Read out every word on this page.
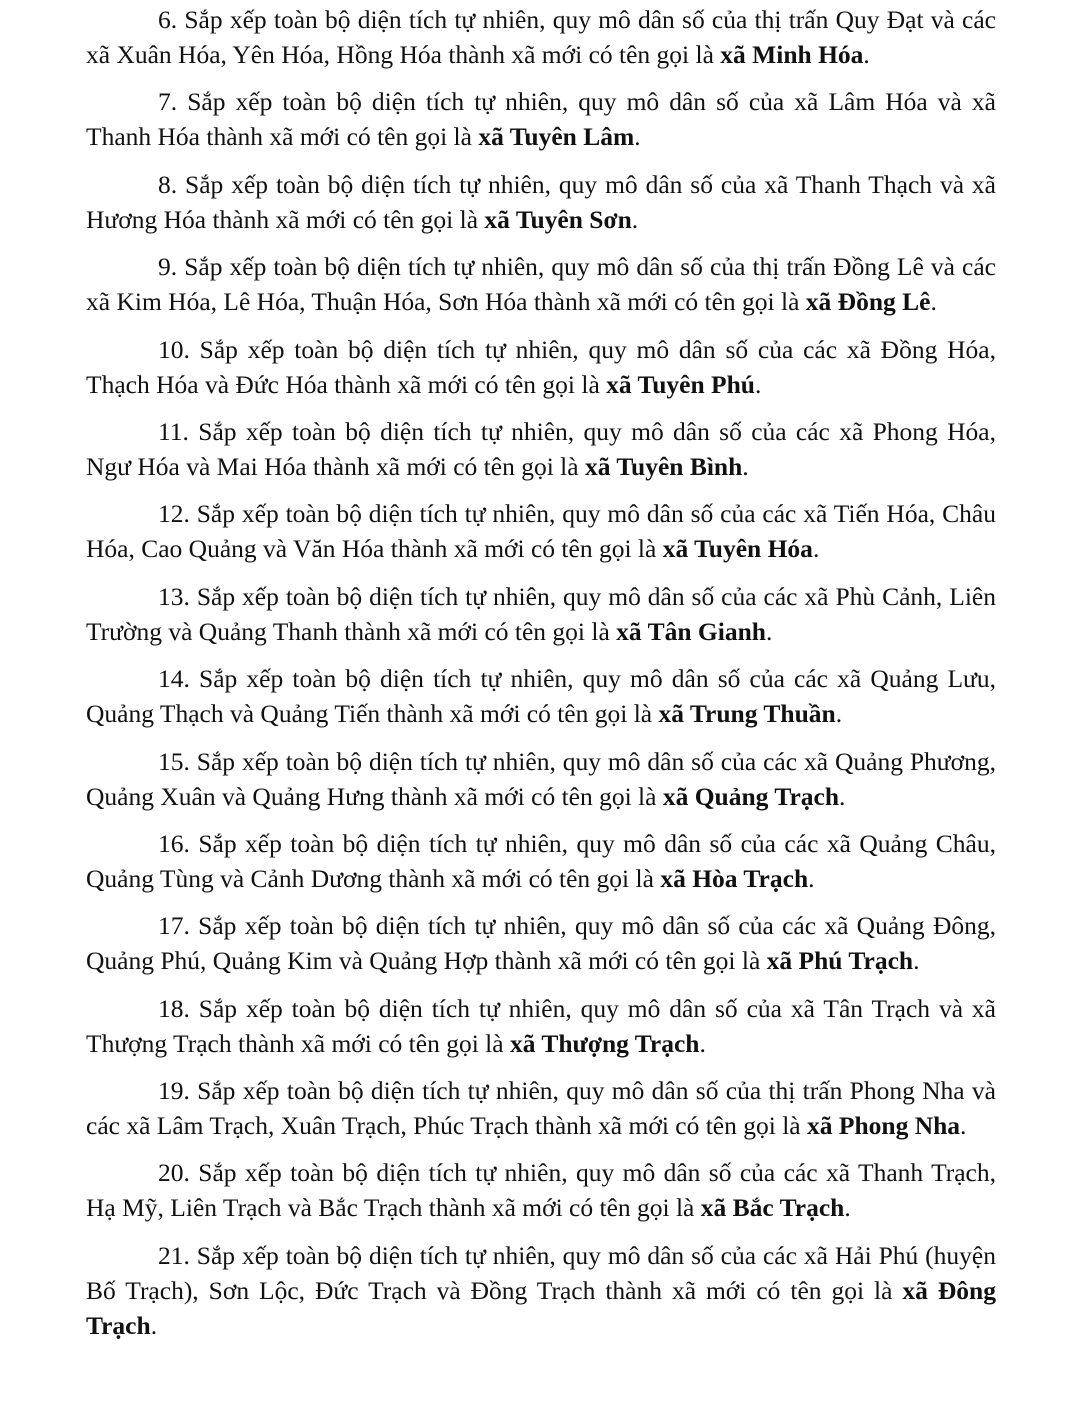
6. Sắp xếp toàn bộ diện tích tự nhiên, quy mô dân số của thị trấn Quy Đạt và các xã Xuân Hóa, Yên Hóa, Hồng Hóa thành xã mới có tên gọi là xã Minh Hóa.

7. Sắp xếp toàn bộ diện tích tự nhiên, quy mô dân số của xã Lâm Hóa và xã Thanh Hóa thành xã mới có tên gọi là xã Tuyên Lâm.

8. Sắp xếp toàn bộ diện tích tự nhiên, quy mô dân số của xã Thanh Thạch và xã Hương Hóa thành xã mới có tên gọi là xã Tuyên Sơn.

9. Sắp xếp toàn bộ diện tích tự nhiên, quy mô dân số của thị trấn Đồng Lê và các xã Kim Hóa, Lê Hóa, Thuận Hóa, Sơn Hóa thành xã mới có tên gọi là xã Đồng Lê.

10. Sắp xếp toàn bộ diện tích tự nhiên, quy mô dân số của các xã Đồng Hóa, Thạch Hóa và Đức Hóa thành xã mới có tên gọi là xã Tuyên Phú.

11. Sắp xếp toàn bộ diện tích tự nhiên, quy mô dân số của các xã Phong Hóa, Ngư Hóa và Mai Hóa thành xã mới có tên gọi là xã Tuyên Bình.

12. Sắp xếp toàn bộ diện tích tự nhiên, quy mô dân số của các xã Tiến Hóa, Châu Hóa, Cao Quảng và Văn Hóa thành xã mới có tên gọi là xã Tuyên Hóa.

13. Sắp xếp toàn bộ diện tích tự nhiên, quy mô dân số của các xã Phù Cảnh, Liên Trường và Quảng Thanh thành xã mới có tên gọi là xã Tân Gianh.

14. Sắp xếp toàn bộ diện tích tự nhiên, quy mô dân số của các xã Quảng Lưu, Quảng Thạch và Quảng Tiến thành xã mới có tên gọi là xã Trung Thuần.

15. Sắp xếp toàn bộ diện tích tự nhiên, quy mô dân số của các xã Quảng Phương, Quảng Xuân và Quảng Hưng thành xã mới có tên gọi là xã Quảng Trạch.

16. Sắp xếp toàn bộ diện tích tự nhiên, quy mô dân số của các xã Quảng Châu, Quảng Tùng và Cảnh Dương thành xã mới có tên gọi là xã Hòa Trạch.

17. Sắp xếp toàn bộ diện tích tự nhiên, quy mô dân số của các xã Quảng Đông, Quảng Phú, Quảng Kim và Quảng Hợp thành xã mới có tên gọi là xã Phú Trạch.

18. Sắp xếp toàn bộ diện tích tự nhiên, quy mô dân số của xã Tân Trạch và xã Thượng Trạch thành xã mới có tên gọi là xã Thượng Trạch.

19. Sắp xếp toàn bộ diện tích tự nhiên, quy mô dân số của thị trấn Phong Nha và các xã Lâm Trạch, Xuân Trạch, Phúc Trạch thành xã mới có tên gọi là xã Phong Nha.

20. Sắp xếp toàn bộ diện tích tự nhiên, quy mô dân số của các xã Thanh Trạch, Hạ Mỹ, Liên Trạch và Bắc Trạch thành xã mới có tên gọi là xã Bắc Trạch.

21. Sắp xếp toàn bộ diện tích tự nhiên, quy mô dân số của các xã Hải Phú (huyện Bố Trạch), Sơn Lộc, Đức Trạch và Đồng Trạch thành xã mới có tên gọi là xã Đông Trạch.
